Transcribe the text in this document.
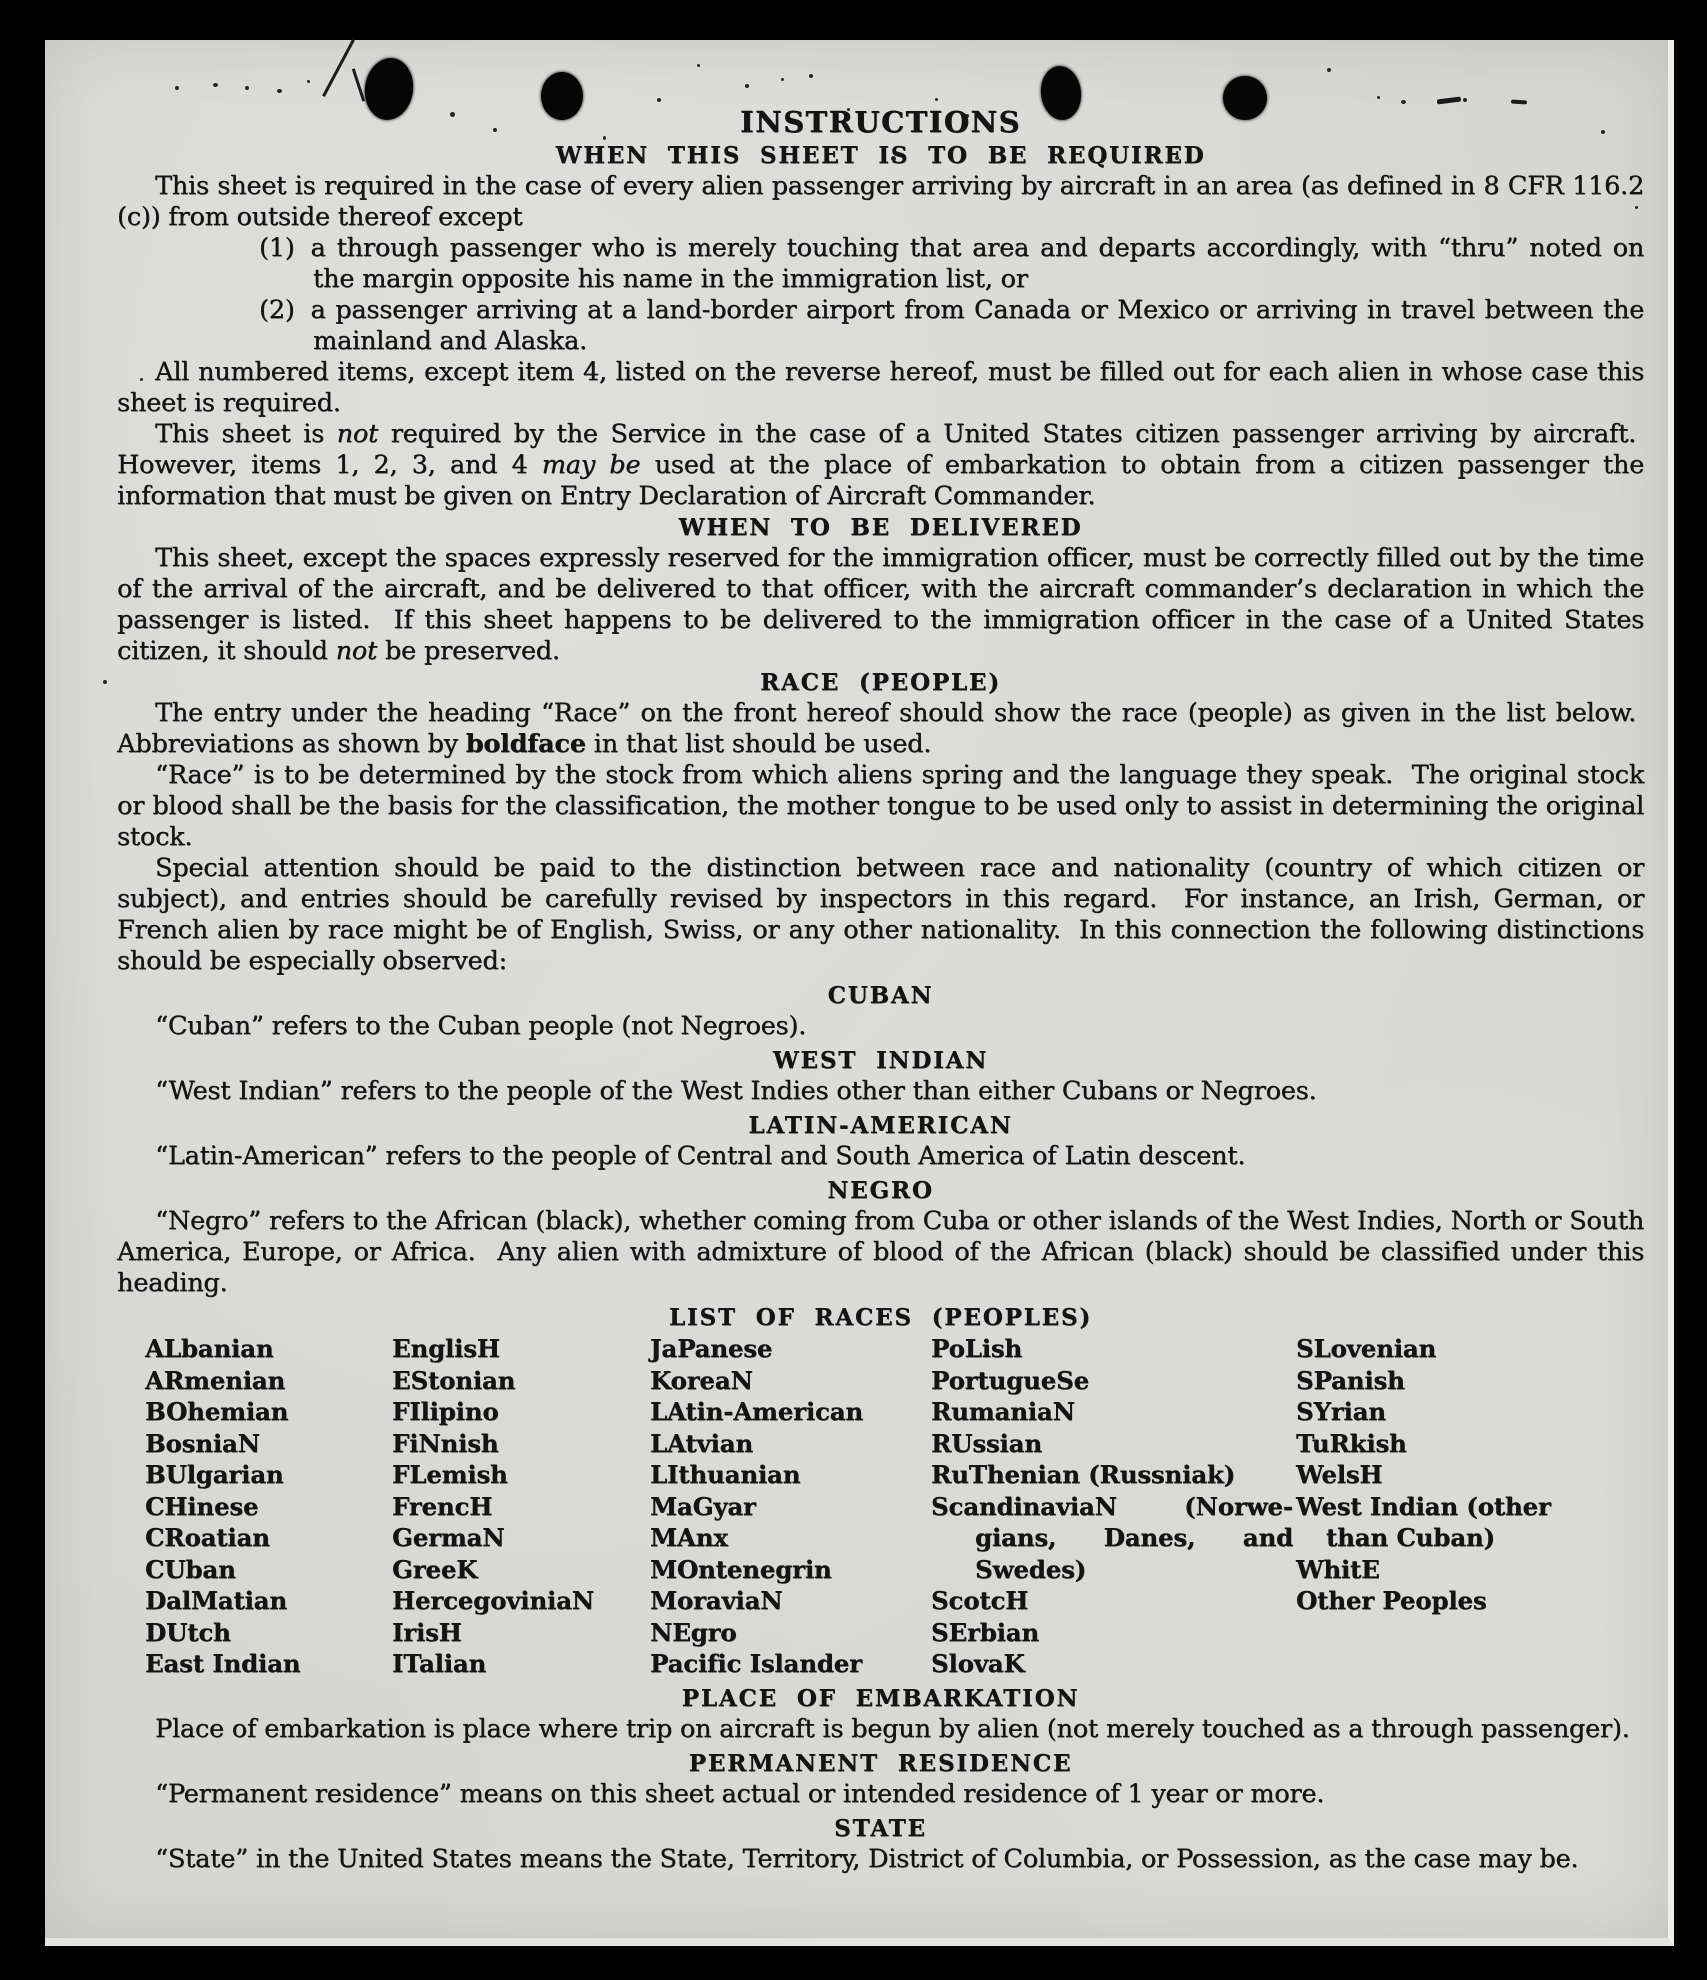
INSTRUCTIONS

WHEN THIS SHEET IS TO BE REQUIRED

This sheet is required in the case of every alien passenger arriving by aircraft in an area (as defined in 8 CFR 116.2 (c)) from outside thereof except

(1) a through passenger who is merely touching that area and departs accordingly, with “thru” noted on the margin opposite his name in the immigration list, or

(2) a passenger arriving at a land-border airport from Canada or Mexico or arriving in travel between the mainland and Alaska.

All numbered items, except item 4, listed on the reverse hereof, must be filled out for each alien in whose case this sheet is required.

This sheet is not required by the Service in the case of a United States citizen passenger arriving by aircraft.  However, items 1, 2, 3, and 4 may be used at the place of embarkation to obtain from a citizen passenger the information that must be given on Entry Declaration of Aircraft Commander.

WHEN TO BE DELIVERED

This sheet, except the spaces expressly reserved for the immigration officer, must be correctly filled out by the time of the arrival of the aircraft, and be delivered to that officer, with the aircraft commander’s declaration in which the passenger is listed.  If this sheet happens to be delivered to the immigration officer in the case of a United States citizen, it should not be preserved.

RACE (PEOPLE)

The entry under the heading “Race” on the front hereof should show the race (people) as given in the list below.  Abbreviations as shown by boldface in that list should be used.

“Race” is to be determined by the stock from which aliens spring and the language they speak.  The original stock or blood shall be the basis for the classification, the mother tongue to be used only to assist in determining the original stock.

Special attention should be paid to the distinction between race and nationality (country of which citizen or subject), and entries should be carefully revised by inspectors in this regard.  For instance, an Irish, German, or French alien by race might be of English, Swiss, or any other nationality.  In this connection the following distinctions should be especially observed:

CUBAN

“Cuban” refers to the Cuban people (not Negroes).

WEST INDIAN

“West Indian” refers to the people of the West Indies other than either Cubans or Negroes.

LATIN-AMERICAN

“Latin-American” refers to the people of Central and South America of Latin descent.

NEGRO

“Negro” refers to the African (black), whether coming from Cuba or other islands of the West Indies, North or South America, Europe, or Africa.  Any alien with admixture of blood of the African (black) should be classified under this heading.

LIST OF RACES (PEOPLES)

ALbanian
ARmenian
BOhemian
BosniaN
BUlgarian
CHinese
CRoatian
CUban
DalMatian
DUtch
East Indian
EnglisH
EStonian
FIlipino
FiNnish
FLemish
FrencH
GermaN
GreeK
HercegoviniaN
IrisH
ITalian
JaPanese
KoreaN
LAtin-American
LAtvian
LIthuanian
MaGyar
MAnx
MOntenegrin
MoraviaN
NEgro
Pacific Islander
PoLish
PortugueSe
RumaniaN
RUssian
RuThenian (Russniak)
ScandinaviaN (Norwegians, Danes, and Swedes)
ScotcH
SErbian
SlovaK
SLovenian
SPanish
SYrian
TuRkish
WelsH
West Indian (other than Cuban)
WhitE
Other Peoples

PLACE OF EMBARKATION

Place of embarkation is place where trip on aircraft is begun by alien (not merely touched as a through passenger).

PERMANENT RESIDENCE

“Permanent residence” means on this sheet actual or intended residence of 1 year or more.

STATE

“State” in the United States means the State, Territory, District of Columbia, or Possession, as the case may be.
